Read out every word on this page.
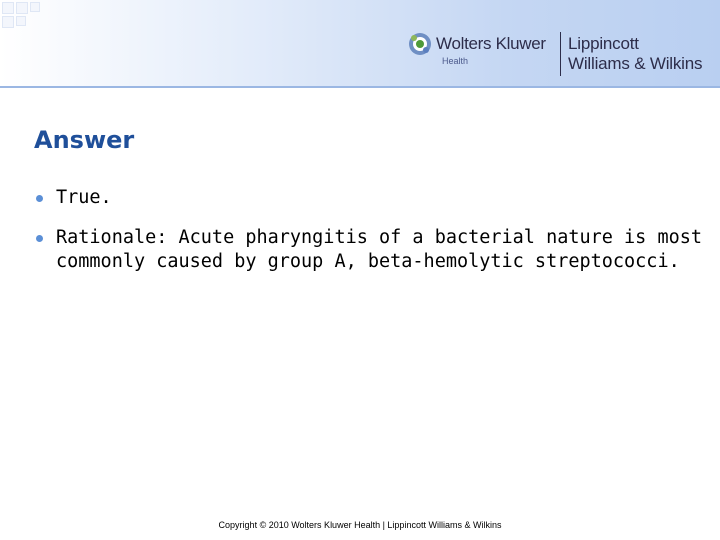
Wolters Kluwer
Health
Lippincott
Williams & Wilkins
Answer
True.
Rationale: Acute pharyngitis of a bacterial nature is most commonly caused by group A, beta-hemolytic streptococci.
Copyright © 2010 Wolters Kluwer Health | Lippincott Williams & Wilkins
